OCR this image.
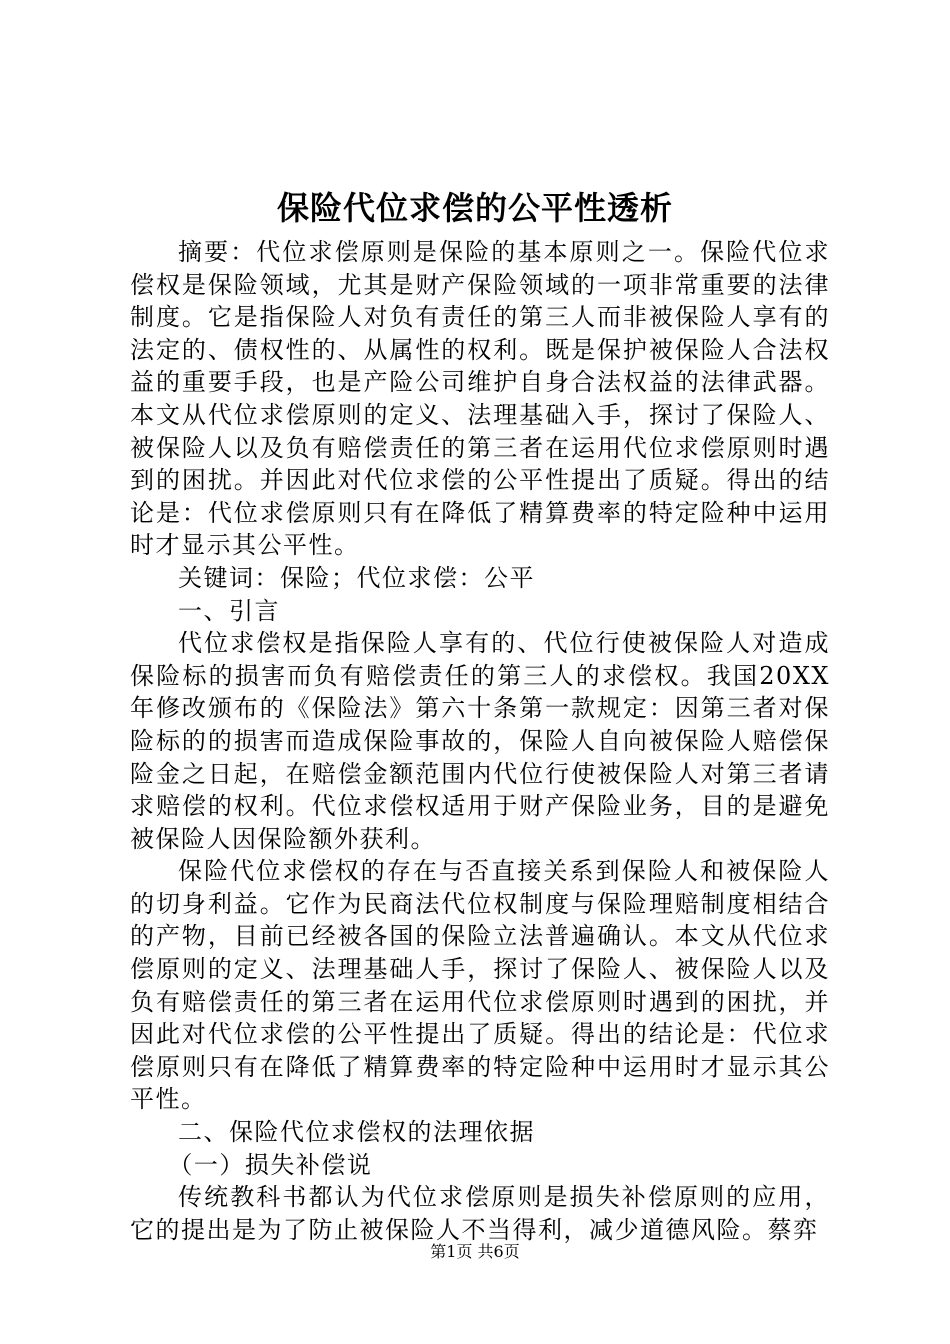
保险代位求偿的公平性透析

摘要：代位求偿原则是保险的基本原则之一。保险代位求偿权是保险领域，尤其是财产保险领域的一项非常重要的法律制度。它是指保险人对负有责任的第三人而非被保险人享有的法定的、债权性的、从属性的权利。既是保护被保险人合法权益的重要手段，也是产险公司维护自身合法权益的法律武器。本文从代位求偿原则的定义、法理基础入手，探讨了保险人、被保险人以及负有赔偿责任的第三者在运用代位求偿原则时遇到的困扰。并因此对代位求偿的公平性提出了质疑。得出的结论是：代位求偿原则只有在降低了精算费率的特定险种中运用时才显示其公平性。

关键词：保险；代位求偿：公平

一、引言

代位求偿权是指保险人享有的、代位行使被保险人对造成保险标的损害而负有赔偿责任的第三人的求偿权。我国20XX年修改颁布的《保险法》第六十条第一款规定：因第三者对保险标的的损害而造成保险事故的，保险人自向被保险人赔偿保险金之日起，在赔偿金额范围内代位行使被保险人对第三者请求赔偿的权利。代位求偿权适用于财产保险业务，目的是避免被保险人因保险额外获利。

保险代位求偿权的存在与否直接关系到保险人和被保险人的切身利益。它作为民商法代位权制度与保险理赔制度相结合的产物，目前已经被各国的保险立法普遍确认。本文从代位求偿原则的定义、法理基础人手，探讨了保险人、被保险人以及负有赔偿责任的第三者在运用代位求偿原则时遇到的困扰，并因此对代位求偿的公平性提出了质疑。得出的结论是：代位求偿原则只有在降低了精算费率的特定险种中运用时才显示其公平性。

二、保险代位求偿权的法理依据

（一）损失补偿说

传统教科书都认为代位求偿原则是损失补偿原则的应用，它的提出是为了防止被保险人不当得利，减少道德风险。蔡弈

第1页 共6页
